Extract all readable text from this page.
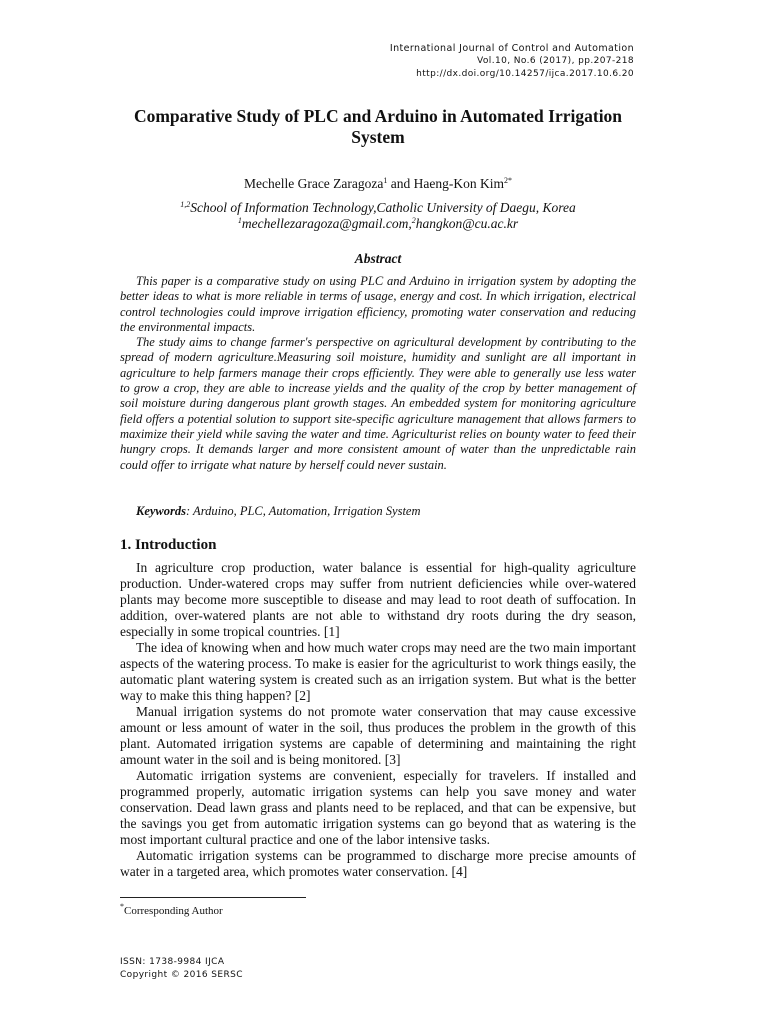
International Journal of Control and Automation
Vol.10, No.6 (2017), pp.207-218
http://dx.doi.org/10.14257/ijca.2017.10.6.20
Comparative Study of PLC and Arduino in Automated Irrigation System
Mechelle Grace Zaragoza$^1$ and Haeng-Kon Kim$^{2*}$
$^{1,2}$School of Information Technology,Catholic University of Daegu, Korea
$^1$mechellezaragoza@gmail.com,$^2$hangkon@cu.ac.kr
Abstract

This paper is a comparative study on using PLC and Arduino in irrigation system by adopting the better ideas to what is more reliable in terms of usage, energy and cost. In which irrigation, electrical control technologies could improve irrigation efficiency, promoting water conservation and reducing the environmental impacts.

The study aims to change farmer's perspective on agricultural development by contributing to the spread of modern agriculture.Measuring soil moisture, humidity and sunlight are all important in agriculture to help farmers manage their crops efficiently. They were able to generally use less water to grow a crop, they are able to increase yields and the quality of the crop by better management of soil moisture during dangerous plant growth stages. An embedded system for monitoring agriculture field offers a potential solution to support site-specific agriculture management that allows farmers to maximize their yield while saving the water and time. Agriculturist relies on bounty water to feed their hungry crops. It demands larger and more consistent amount of water than the unpredictable rain could offer to irrigate what nature by herself could never sustain.

Keywords: Arduino, PLC, Automation, Irrigation System
1. Introduction

In agriculture crop production, water balance is essential for high-quality agriculture production. Under-watered crops may suffer from nutrient deficiencies while over-watered plants may become more susceptible to disease and may lead to root death of suffocation. In addition, over-watered plants are not able to withstand dry roots during the dry season, especially in some tropical countries. [1]

The idea of knowing when and how much water crops may need are the two main important aspects of the watering process. To make is easier for the agriculturist to work things easily, the automatic plant watering system is created such as an irrigation system. But what is the better way to make this thing happen? [2]

Manual irrigation systems do not promote water conservation that may cause excessive amount or less amount of water in the soil, thus produces the problem in the growth of this plant. Automated irrigation systems are capable of determining and maintaining the right amount water in the soil and is being monitored. [3]

Automatic irrigation systems are convenient, especially for travelers. If installed and programmed properly, automatic irrigation systems can help you save money and water conservation. Dead lawn grass and plants need to be replaced, and that can be expensive, but the savings you get from automatic irrigation systems can go beyond that as watering is the most important cultural practice and one of the labor intensive tasks.

Automatic irrigation systems can be programmed to discharge more precise amounts of water in a targeted area, which promotes water conservation. [4]

*Corresponding Author
ISSN: 1738-9984 IJCA
Copyright © 2016 SERSC
